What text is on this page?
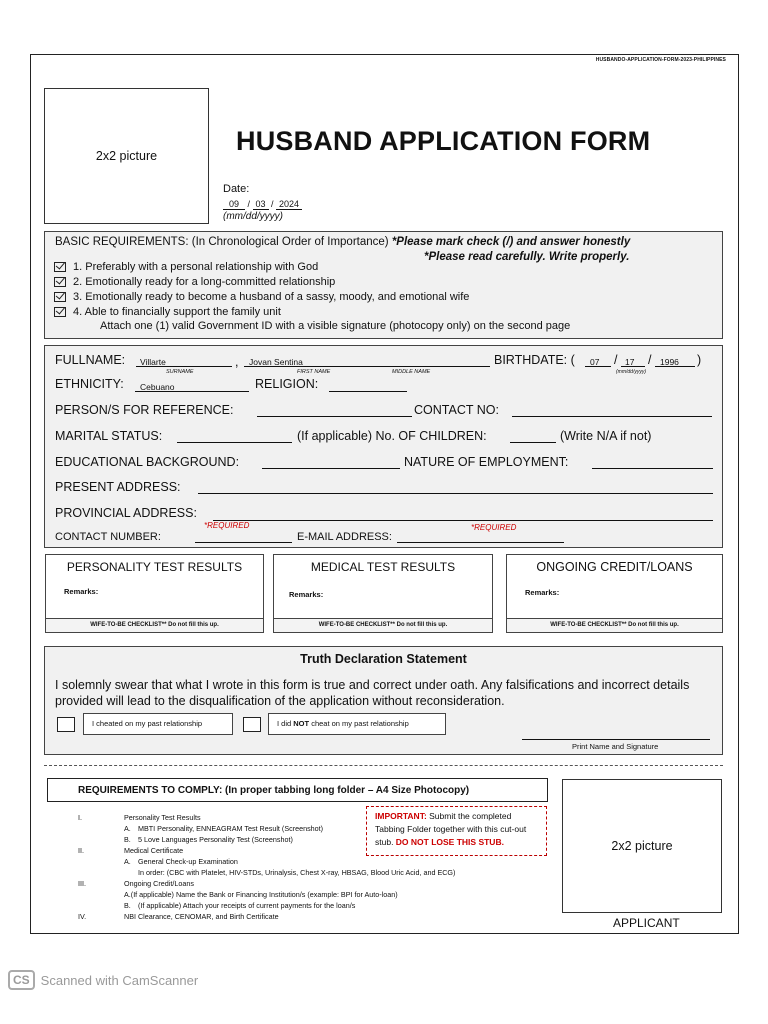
HUSBANDO-APPLICATION-FORM-2023-PHILIPPINES
2x2 picture	HUSBAND APPLICATION FORM
Date:
09 / 03 / 2024
(mm/dd/yyyy)
BASIC REQUIREMENTS: (In Chronological Order of Importance) *Please mark check (/) and answer honestly
*Please read carefully. Write properly.
1. Preferably with a personal relationship with God
2. Emotionally ready for a long-committed relationship
3. Emotionally ready to become a husband of a sassy, moody, and emotional wife
4. Able to financially support the family unit
Attach one (1) valid Government ID with a visible signature (photocopy only) on the second page
FULLNAME: Villarte	, Jovan Sentina
SURNAME	FIRST NAME	MIDDLE NAME
BIRTHDATE: ( 07 / 17 / 1996 )
(mm/dd/yyyy)
ETHNICITY: Cebuano	RELIGION:
PERSON/S FOR REFERENCE:	CONTACT NO:
MARITAL STATUS:	(If applicable) No. OF CHILDREN:	(Write N/A if not)
EDUCATIONAL BACKGROUND:	NATURE OF EMPLOYMENT:
PRESENT ADDRESS:
PROVINCIAL ADDRESS:
*REQUIRED	*REQUIRED
CONTACT NUMBER:	E-MAIL ADDRESS:
PERSONALITY TEST RESULTS
Remarks:
WIFE-TO-BE CHECKLIST** Do not fill this up.
MEDICAL TEST RESULTS
Remarks:
WIFE-TO-BE CHECKLIST** Do not fill this up.
ONGOING CREDIT/LOANS
Remarks:
WIFE-TO-BE CHECKLIST** Do not fill this up.
Truth Declaration Statement
I solemnly swear that what I wrote in this form is true and correct under oath. Any falsifications and incorrect details provided will lead to the disqualification of the application without reconsideration.
I cheated on my past relationship	I did NOT cheat on my past relationship
Print Name and Signature
REQUIREMENTS TO COMPLY: (In proper tabbing long folder – A4 Size Photocopy)
I.	Personality Test Results
A.	MBTI Personality, ENNEAGRAM Test Result (Screenshot)
B.	5 Love Languages Personality Test (Screenshot)
II.	Medical Certificate
A.	General Check-up Examination
In order: (CBC with Platelet, HIV-STDs, Urinalysis, Chest X-ray, HBSAG, Blood Uric Acid, and ECG)
III.	Ongoing Credit/Loans
A. (If applicable) Name the Bank or Financing Institution/s (example: BPI for Auto-loan)
B.	(If applicable) Attach your receipts of current payments for the loan/s
IV.	NBI Clearance, CENOMAR, and Birth Certificate
IMPORTANT: Submit the completed Tabbing Folder together with this cut-out stub. DO NOT LOSE THIS STUB.	2x2 picture
APPLICANT
CS Scanned with CamScanner
